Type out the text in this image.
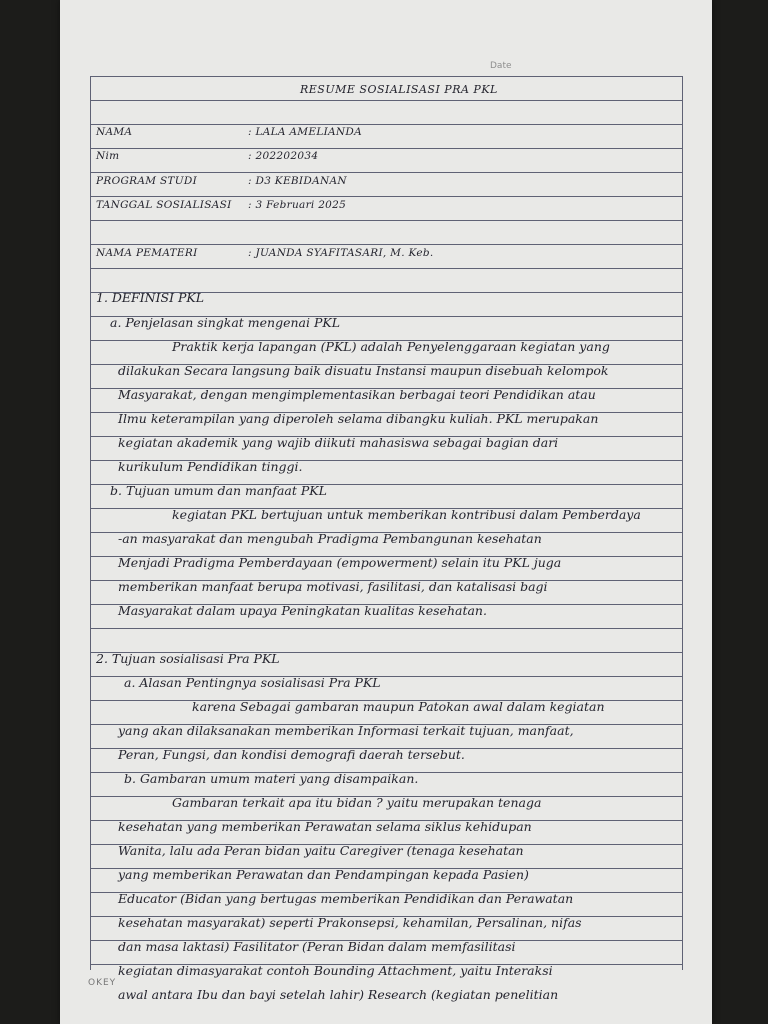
Date
RESUME SOSIALISASI PRA PKL
NAMA	: LALA AMELIANDA
Nim	: 202202034
PROGRAM STUDI	: D3 KEBIDANAN
TANGGAL SOSIALISASI : 3 Februari 2025
NAMA PEMATERI	: JUANDA SYAFITASARI, M. Keb.
1. DEFINISI PKL
a. Penjelasan singkat mengenai PKL
Praktik kerja lapangan (PKL) adalah Penyelenggaraan kegiatan yang
dilakukan Secara langsung baik disuatu Instansi maupun disebuah kelompok
Masyarakat, dengan mengimplementasikan berbagai teori Pendidikan atau
Ilmu keterampilan yang diperoleh selama dibangku kuliah. PKL merupakan
kegiatan akademik yang wajib diikuti mahasiswa sebagai bagian dari
kurikulum Pendidikan tinggi.
b. Tujuan umum dan manfaat PKL
kegiatan PKL bertujuan untuk memberikan kontribusi dalam Pemberdaya
-an masyarakat dan mengubah Pradigma Pembangunan kesehatan
Menjadi Pradigma Pemberdayaan (empowerment) selain itu PKL juga
memberikan manfaat berupa motivasi, fasilitasi, dan katalisasi bagi
Masyarakat dalam upaya Peningkatan kualitas kesehatan.
2. Tujuan sosialisasi Pra PKL
a. Alasan Pentingnya sosialisasi Pra PKL
karena Sebagai gambaran maupun Patokan awal dalam kegiatan
yang akan dilaksanakan memberikan Informasi terkait tujuan, manfaat,
Peran, Fungsi, dan kondisi demografi daerah tersebut.
b. Gambaran umum materi yang disampaikan.
Gambaran terkait apa itu bidan ? yaitu merupakan tenaga
kesehatan yang memberikan Perawatan selama siklus kehidupan
Wanita, lalu ada Peran bidan yaitu Caregiver (tenaga kesehatan
yang memberikan Perawatan dan Pendampingan kepada Pasien)
Educator (Bidan yang bertugas memberikan Pendidikan dan Perawatan
kesehatan masyarakat) seperti Prakonsepsi, kehamilan, Persalinan, nifas
dan masa laktasi) Fasilitator (Peran Bidan dalam memfasilitasi
kegiatan dimasyarakat contoh Bounding Attachment, yaitu Interaksi
awal antara Ibu dan bayi setelah lahir) Research (kegiatan penelitian
OKEY
